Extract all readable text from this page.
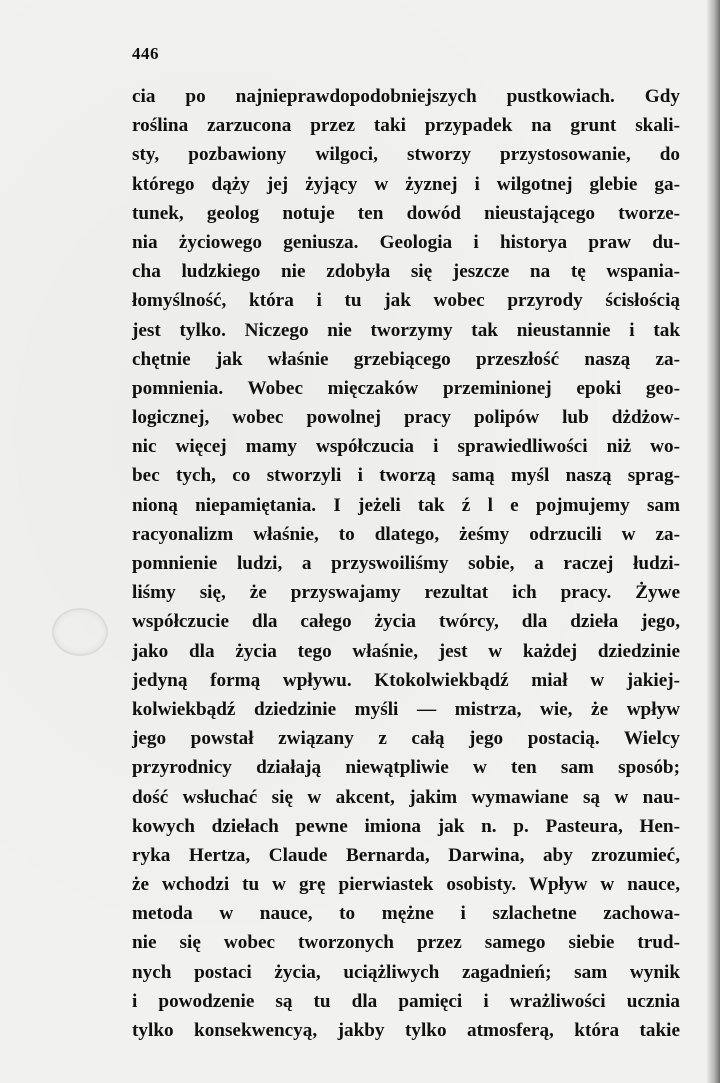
446
cia po najnieprawdopodobniejszych pustkowiach. Gdy
roślina zarzucona przez taki przypadek na grunt skali-
sty, pozbawiony wilgoci, stworzy przystosowanie, do
którego dąży jej żyjący w żyznej i wilgotnej glebie ga-
tunek, geolog notuje ten dowód nieustającego tworze-
nia życiowego geniusza. Geologia i historya praw du-
cha ludzkiego nie zdobyła się jeszcze na tę wspania-
łomyślność, która i tu jak wobec przyrody ścisłością
jest tylko. Niczego nie tworzymy tak nieustannie i tak
chętnie jak właśnie grzebiącego przeszłość naszą za-
pomnienia. Wobec mięczaków przeminionej epoki geo-
logicznej, wobec powolnej pracy polipów lub dżdżow-
nic więcej mamy współczucia i sprawiedliwości niż wo-
bec tych, co stworzyli i tworzą samą myśl naszą sprag-
nioną niepamiętania. I jeżeli tak ź l e pojmujemy sam
racyonalizm właśnie, to dlatego, żeśmy odrzucili w za-
pomnienie ludzi, a przyswoiliśmy sobie, a raczej łudzi-
liśmy się, że przyswajamy rezultat ich pracy. Żywe
współczucie dla całego życia twórcy, dla dzieła jego,
jako dla życia tego właśnie, jest w każdej dziedzinie
jedyną formą wpływu. Ktokolwiekbądź miał w jakiej-
kolwiekbądź dziedzinie myśli — mistrza, wie, że wpływ
jego powstał związany z całą jego postacią. Wielcy
przyrodnicy działają niewątpliwie w ten sam sposób;
dość wsłuchać się w akcent, jakim wymawiane są w nau-
kowych dziełach pewne imiona jak n. p. Pasteura, Hen-
ryka Hertza, Claude Bernarda, Darwina, aby zrozumieć,
że wchodzi tu w grę pierwiastek osobisty. Wpływ w nauce,
metoda w nauce, to mężne i szlachetne zachowa-
nie się wobec tworzonych przez samego siebie trud-
nych postaci życia, uciążliwych zagadnień; sam wynik
i powodzenie są tu dla pamięci i wrażliwości ucznia
tylko konsekwencyą, jakby tylko atmosferą, która takie
